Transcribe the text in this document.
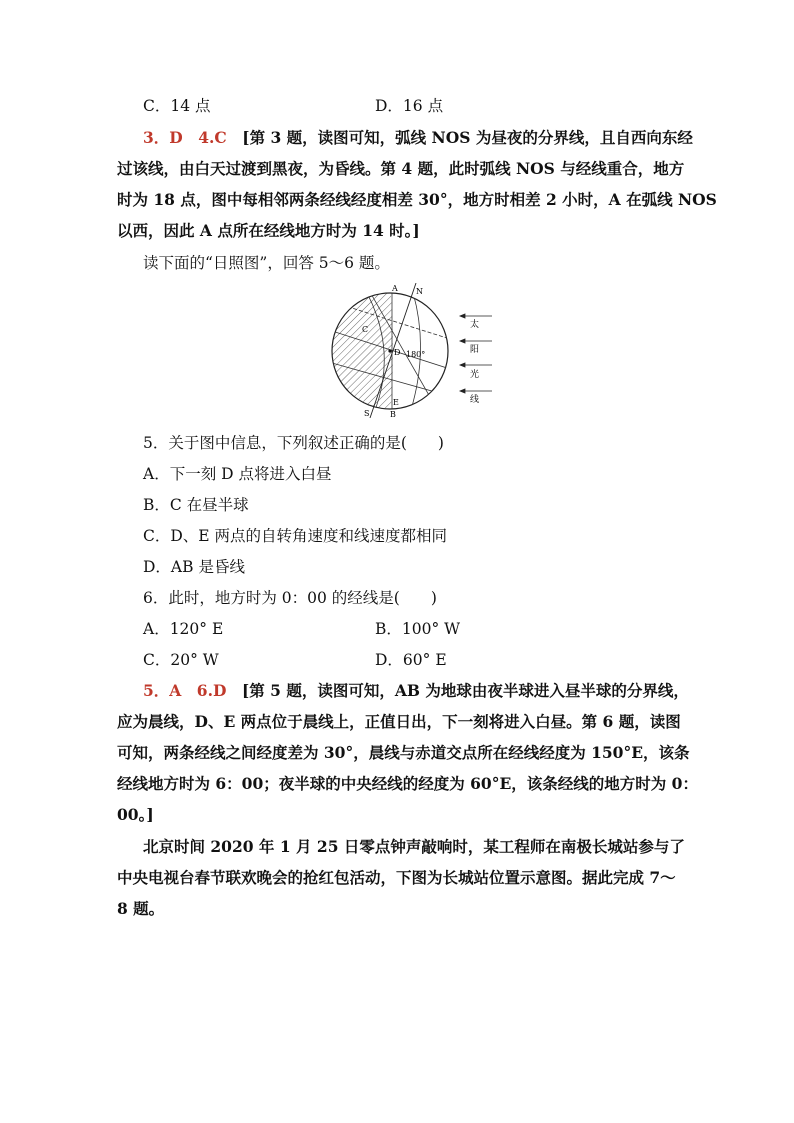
C．14 点	D．16 点
3．D　4.C　[第 3 题，读图可知，弧线 NOS 为昼夜的分界线，且自西向东经
过该线，由白天过渡到黑夜，为昏线。第 4 题，此时弧线 NOS 与经线重合，地方
时为 18 点，图中每相邻两条经线经度相差 30°，地方时相差 2 小时，A 在弧线 NOS
以西，因此 A 点所在经线地方时为 14 时。]
读下面的“日照图”，回答 5～6 题。
A N
C
D 180°
E
S	B
太
阳
光
线
5．关于图中信息，下列叙述正确的是(　　)
A．下一刻 D 点将进入白昼
B．C 在昼半球
C．D、E 两点的自转角速度和线速度都相同
D．AB 是昏线
6．此时，地方时为 0：00 的经线是(　　)
A．120° E	B．100° W
C．20° W	D．60° E
5．A　6.D　[第 5 题，读图可知，AB 为地球由夜半球进入昼半球的分界线，
应为晨线，D、E 两点位于晨线上，正值日出，下一刻将进入白昼。第 6 题，读图
可知，两条经线之间经度差为 30°，晨线与赤道交点所在经线经度为 150°E，该条
经线地方时为 6：00；夜半球的中央经线的经度为 60°E，该条经线的地方时为 0：
00。]
北京时间 2020 年 1 月 25 日零点钟声敲响时，某工程师在南极长城站参与了
中央电视台春节联欢晚会的抢红包活动，下图为长城站位置示意图。据此完成 7～
8 题。
